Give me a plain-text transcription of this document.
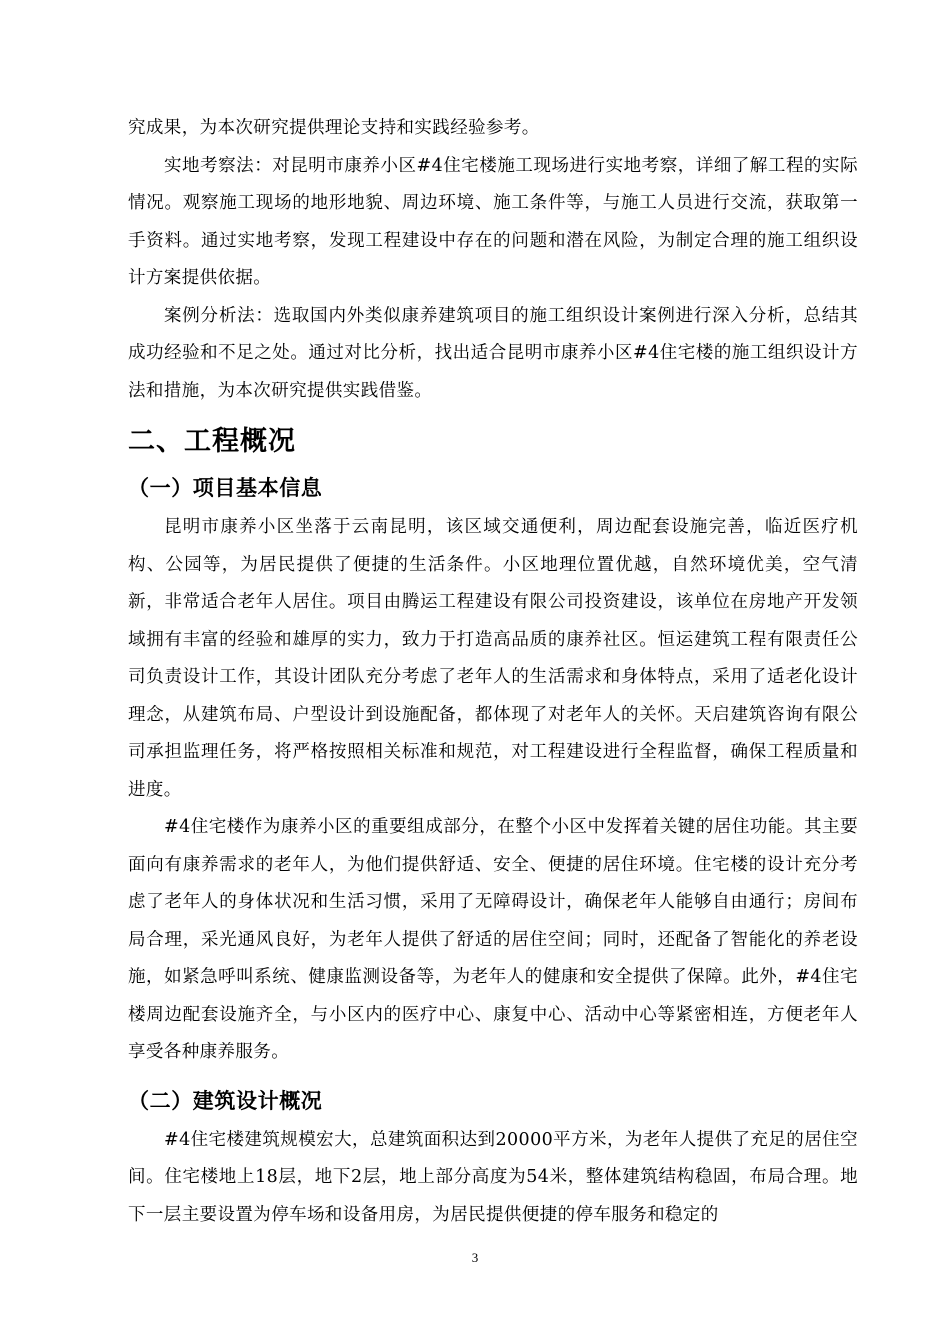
究成果，为本次研究提供理论支持和实践经验参考。

实地考察法：对昆明市康养小区#4住宅楼施工现场进行实地考察，详细了解工程的实际情况。观察施工现场的地形地貌、周边环境、施工条件等，与施工人员进行交流，获取第一手资料。通过实地考察，发现工程建设中存在的问题和潜在风险，为制定合理的施工组织设计方案提供依据。

案例分析法：选取国内外类似康养建筑项目的施工组织设计案例进行深入分析，总结其成功经验和不足之处。通过对比分析，找出适合昆明市康养小区#4住宅楼的施工组织设计方法和措施，为本次研究提供实践借鉴。

二、工程概况
（一）项目基本信息

昆明市康养小区坐落于云南昆明，该区域交通便利，周边配套设施完善，临近医疗机构、公园等，为居民提供了便捷的生活条件。小区地理位置优越，自然环境优美，空气清新，非常适合老年人居住。项目由腾运工程建设有限公司投资建设，该单位在房地产开发领域拥有丰富的经验和雄厚的实力，致力于打造高品质的康养社区。恒运建筑工程有限责任公司负责设计工作，其设计团队充分考虑了老年人的生活需求和身体特点，采用了适老化设计理念，从建筑布局、户型设计到设施配备，都体现了对老年人的关怀。天启建筑咨询有限公司承担监理任务，将严格按照相关标准和规范，对工程建设进行全程监督，确保工程质量和进度。

#4住宅楼作为康养小区的重要组成部分，在整个小区中发挥着关键的居住功能。其主要面向有康养需求的老年人，为他们提供舒适、安全、便捷的居住环境。住宅楼的设计充分考虑了老年人的身体状况和生活习惯，采用了无障碍设计，确保老年人能够自由通行；房间布局合理，采光通风良好，为老年人提供了舒适的居住空间；同时，还配备了智能化的养老设施，如紧急呼叫系统、健康监测设备等，为老年人的健康和安全提供了保障。此外，#4住宅楼周边配套设施齐全，与小区内的医疗中心、康复中心、活动中心等紧密相连，方便老年人享受各种康养服务。

（二）建筑设计概况

#4住宅楼建筑规模宏大，总建筑面积达到20000平方米，为老年人提供了充足的居住空间。住宅楼地上18层，地下2层，地上部分高度为54米，整体建筑结构稳固，布局合理。地下一层主要设置为停车场和设备用房，为居民提供便捷的停车服务和稳定的

3
